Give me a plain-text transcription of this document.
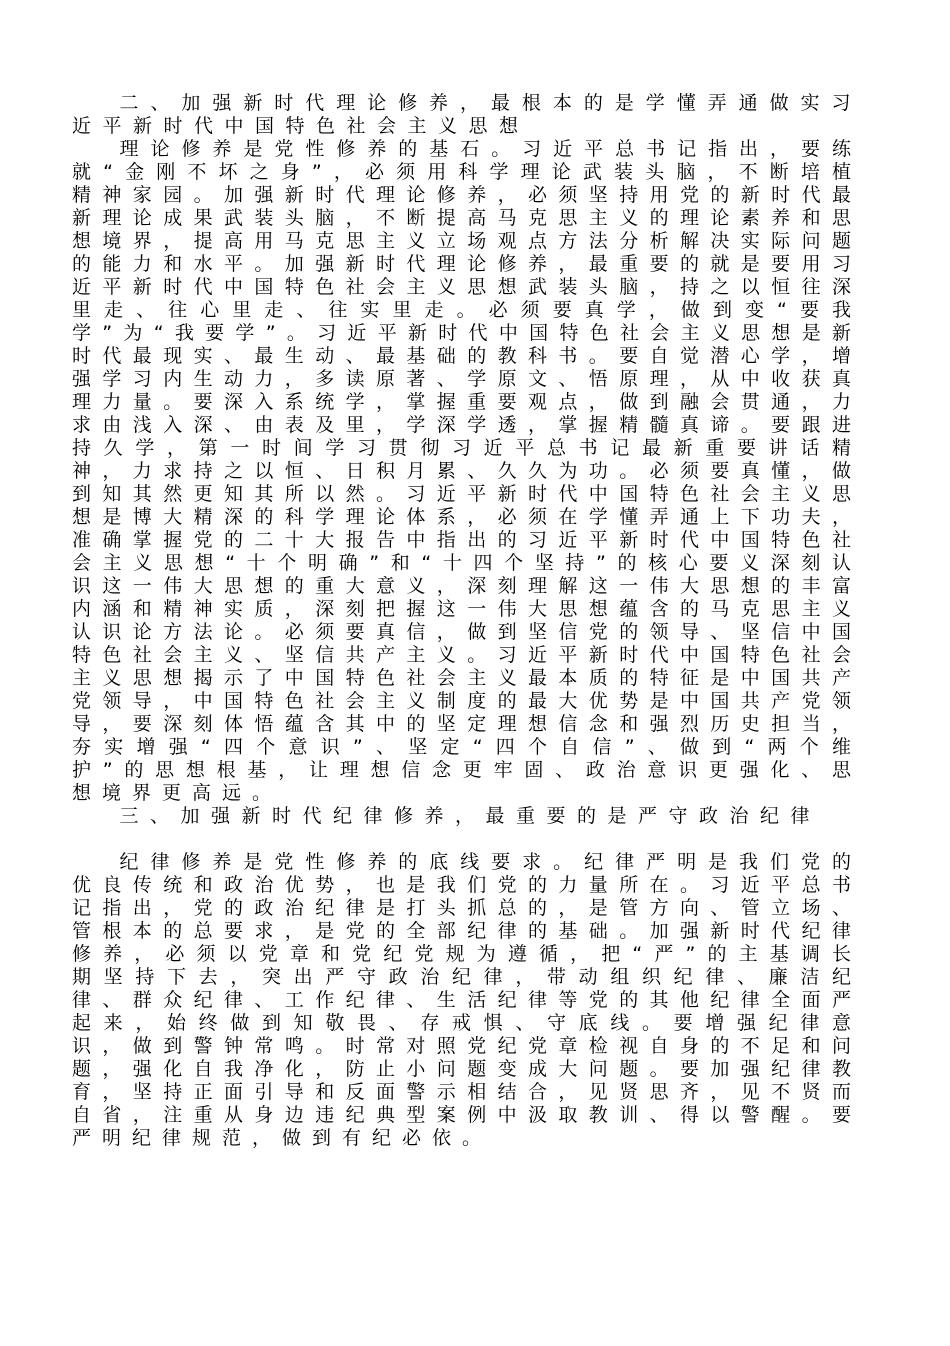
二、加强新时代理论修养，最根本的是学懂弄通做实习近平新时代中国特色社会主义思想

理论修养是党性修养的基石。习近平总书记指出，要练就“金刚不坏之身”，必须用科学理论武装头脑，不断培植精神家园。加强新时代理论修养，必须坚持用党的新时代最新理论成果武装头脑，不断提高马克思主义的理论素养和思想境界，提高用马克思主义立场观点方法分析解决实际问题的能力和水平。加强新时代理论修养，最重要的就是要用习近平新时代中国特色社会主义思想武装头脑，持之以恒往深里走、往心里走、往实里走。必须要真学，做到变“要我学”为“我要学”。习近平新时代中国特色社会主义思想是新时代最现实、最生动、最基础的教科书。要自觉潜心学，增强学习内生动力，多读原著、学原文、悟原理，从中收获真理力量。要深入系统学，掌握重要观点，做到融会贯通，力求由浅入深、由表及里，学深学透，掌握精髓真谛。要跟进持久学，第一时间学习贯彻习近平总书记最新重要讲话精神，力求持之以恒、日积月累、久久为功。必须要真懂，做到知其然更知其所以然。习近平新时代中国特色社会主义思想是博大精深的科学理论体系，必须在学懂弄通上下功夫，准确掌握党的二十大报告中指出的习近平新时代中国特色社会主义思想“十个明确”和“十四个坚持”的核心要义深刻认识这一伟大思想的重大意义，深刻理解这一伟大思想的丰富内涵和精神实质，深刻把握这一伟大思想蕴含的马克思主义认识论方法论。必须要真信，做到坚信党的领导、坚信中国特色社会主义、坚信共产主义。习近平新时代中国特色社会主义思想揭示了中国特色社会主义最本质的特征是中国共产党领导，中国特色社会主义制度的最大优势是中国共产党领导，要深刻体悟蕴含其中的坚定理想信念和强烈历史担当，夯实增强“四个意识”、坚定“四个自信”、做到“两个维护”的思想根基，让理想信念更牢固、政治意识更强化、思想境界更高远。

三、加强新时代纪律修养，最重要的是严守政治纪律

纪律修养是党性修养的底线要求。纪律严明是我们党的优良传统和政治优势，也是我们党的力量所在。习近平总书记指出，党的政治纪律是打头抓总的，是管方向、管立场、管根本的总要求，是党的全部纪律的基础。加强新时代纪律修养，必须以党章和党纪党规为遵循，把“严”的主基调长期坚持下去，突出严守政治纪律，带动组织纪律、廉洁纪律、群众纪律、工作纪律、生活纪律等党的其他纪律全面严起来，始终做到知敬畏、存戒惧、守底线。要增强纪律意识，做到警钟常鸣。时常对照党纪党章检视自身的不足和问题，强化自我净化，防止小问题变成大问题。要加强纪律教育，坚持正面引导和反面警示相结合，见贤思齐，见不贤而自省，注重从身边违纪典型案例中汲取教训、得以警醒。要严明纪律规范，做到有纪必依。
